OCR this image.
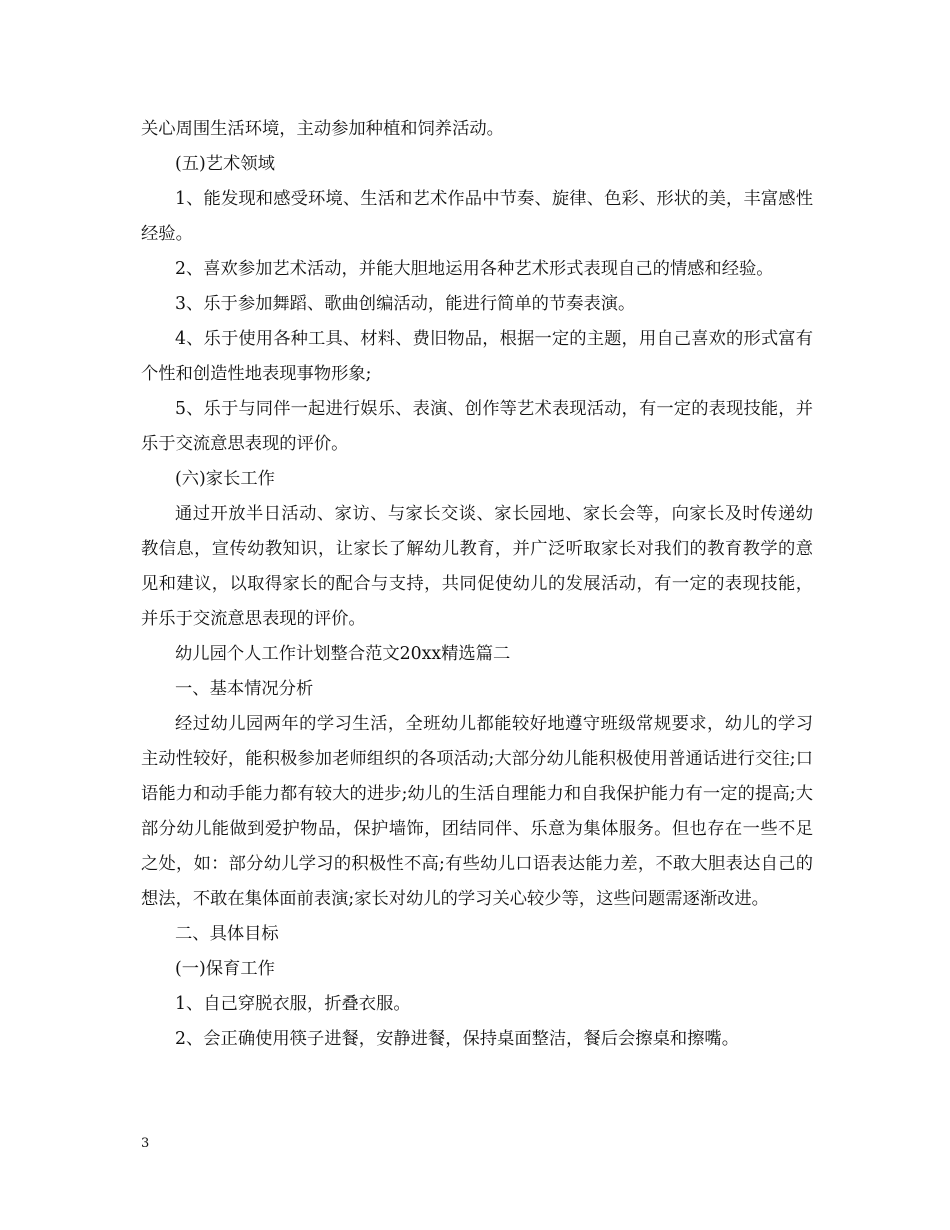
关心周围生活环境，主动参加种植和饲养活动。

(五)艺术领域

1、能发现和感受环境、生活和艺术作品中节奏、旋律、色彩、形状的美，丰富感性经验。

2、喜欢参加艺术活动，并能大胆地运用各种艺术形式表现自己的情感和经验。

3、乐于参加舞蹈、歌曲创编活动，能进行简单的节奏表演。

4、乐于使用各种工具、材料、费旧物品，根据一定的主题，用自己喜欢的形式富有个性和创造性地表现事物形象;

5、乐于与同伴一起进行娱乐、表演、创作等艺术表现活动，有一定的表现技能，并乐于交流意思表现的评价。

(六)家长工作

通过开放半日活动、家访、与家长交谈、家长园地、家长会等，向家长及时传递幼教信息，宣传幼教知识，让家长了解幼儿教育，并广泛听取家长对我们的教育教学的意见和建议，以取得家长的配合与支持，共同促使幼儿的发展活动，有一定的表现技能，并乐于交流意思表现的评价。

幼儿园个人工作计划整合范文20xx精选篇二

一、基本情况分析

经过幼儿园两年的学习生活，全班幼儿都能较好地遵守班级常规要求，幼儿的学习主动性较好，能积极参加老师组织的各项活动;大部分幼儿能积极使用普通话进行交往;口语能力和动手能力都有较大的进步;幼儿的生活自理能力和自我保护能力有一定的提高;大部分幼儿能做到爱护物品，保护墙饰，团结同伴、乐意为集体服务。但也存在一些不足之处，如：部分幼儿学习的积极性不高;有些幼儿口语表达能力差，不敢大胆表达自己的想法，不敢在集体面前表演;家长对幼儿的学习关心较少等，这些问题需逐渐改进。

二、具体目标

(一)保育工作

1、自己穿脱衣服，折叠衣服。

2、会正确使用筷子进餐，安静进餐，保持桌面整洁，餐后会擦桌和擦嘴。

3
